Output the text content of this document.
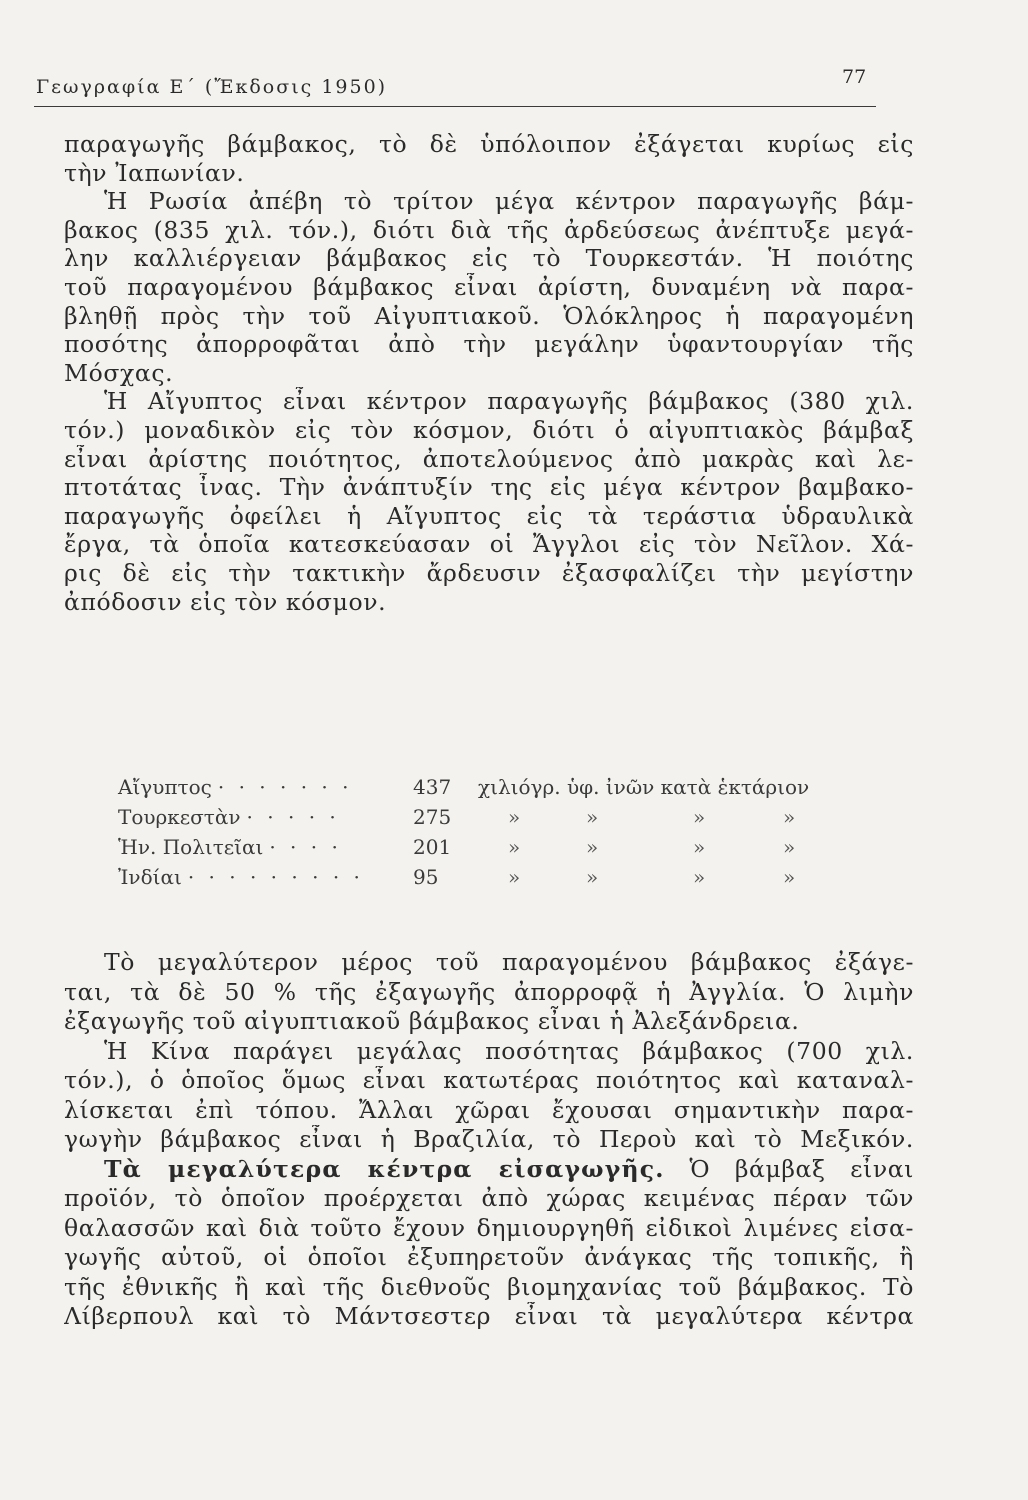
Γεωγραφία Ε΄ (Ἔκδοσις 1950)	77
παραγωγῆς βάμβακος, τὸ δὲ ὑπόλοιπον ἐξάγεται κυρίως εἰς
τὴν Ἰαπωνίαν.
Ἡ Ρωσία ἀπέβη τὸ τρίτον μέγα κέντρον παραγωγῆς βάμ-
βακος (835 χιλ. τόν.), διότι διὰ τῆς ἀρδεύσεως ἀνέπτυξε μεγά-
λην καλλιέργειαν βάμβακος εἰς τὸ Τουρκεστάν. Ἡ ποιότης
τοῦ παραγομένου βάμβακος εἶναι ἀρίστη, δυναμένη νὰ παρα-
βληθῇ πρὸς τὴν τοῦ Αἰγυπτιακοῦ. Ὁλόκληρος ἡ παραγομένη
ποσότης ἀπορροφᾶται ἀπὸ τὴν μεγάλην ὑφαντουργίαν τῆς
Μόσχας.
Ἡ Αἴγυπτος εἶναι κέντρον παραγωγῆς βάμβακος (380 χιλ.
τόν.) μοναδικὸν εἰς τὸν κόσμον, διότι ὁ αἰγυπτιακὸς βάμβαξ
εἶναι ἀρίστης ποιότητος, ἀποτελούμενος ἀπὸ μακρὰς καὶ λε-
πτοτάτας ἶνας. Τὴν ἀνάπτυξίν της εἰς μέγα κέντρον βαμβακο-
παραγωγῆς ὀφείλει ἡ Αἴγυπτος εἰς τὰ τεράστια ὑδραυλικὰ
ἔργα, τὰ ὁποῖα κατεσκεύασαν οἱ Ἄγγλοι εἰς τὸν Νεῖλον. Χά-
ρις δὲ εἰς τὴν τακτικὴν ἄρδευσιν ἐξασφαλίζει τὴν μεγίστην
ἀπόδοσιν εἰς τὸν κόσμον.
Αἴγυπτος · · · · · · ·	437 χιλιόγρ. ὑφ. ἰνῶν κατὰ ἑκτάριον
Τουρκεστὰν · · · · ·	275	»	»	»	»
Ἡν. Πολιτεῖαι · · · ·	201	»	»	»	»
Ἰνδίαι · · · · · · · · ·	95	»	»	»	»
Τὸ μεγαλύτερον μέρος τοῦ παραγομένου βάμβακος ἐξάγε-
ται, τὰ δὲ 50 % τῆς ἐξαγωγῆς ἀπορροφᾷ ἡ Ἀγγλία. Ὁ λιμὴν
ἐξαγωγῆς τοῦ αἰγυπτιακοῦ βάμβακος εἶναι ἡ Ἀλεξάνδρεια.
Ἡ Κίνα παράγει μεγάλας ποσότητας βάμβακος (700 χιλ.
τόν.), ὁ ὁποῖος ὅμως εἶναι κατωτέρας ποιότητος καὶ καταναλ-
λίσκεται ἐπὶ τόπου. Ἄλλαι χῶραι ἔχουσαι σημαντικὴν παρα-
γωγὴν βάμβακος εἶναι ἡ Βραζιλία, τὸ Περοὺ καὶ τὸ Μεξικόν.
Τὰ μεγαλύτερα κέντρα εἰσαγωγῆς. Ὁ βάμβαξ εἶναι
προϊόν, τὸ ὁποῖον προέρχεται ἀπὸ χώρας κειμένας πέραν τῶν
θαλασσῶν καὶ διὰ τοῦτο ἔχουν δημιουργηθῆ εἰδικοὶ λιμένες εἰσα-
γωγῆς αὐτοῦ, οἱ ὁποῖοι ἐξυπηρετοῦν ἀνάγκας τῆς τοπικῆς, ἢ
τῆς ἐθνικῆς ἢ καὶ τῆς διεθνοῦς βιομηχανίας τοῦ βάμβακος. Τὸ
Λίβερπουλ καὶ τὸ Μάντσεστερ εἶναι τὰ μεγαλύτερα κέντρα
